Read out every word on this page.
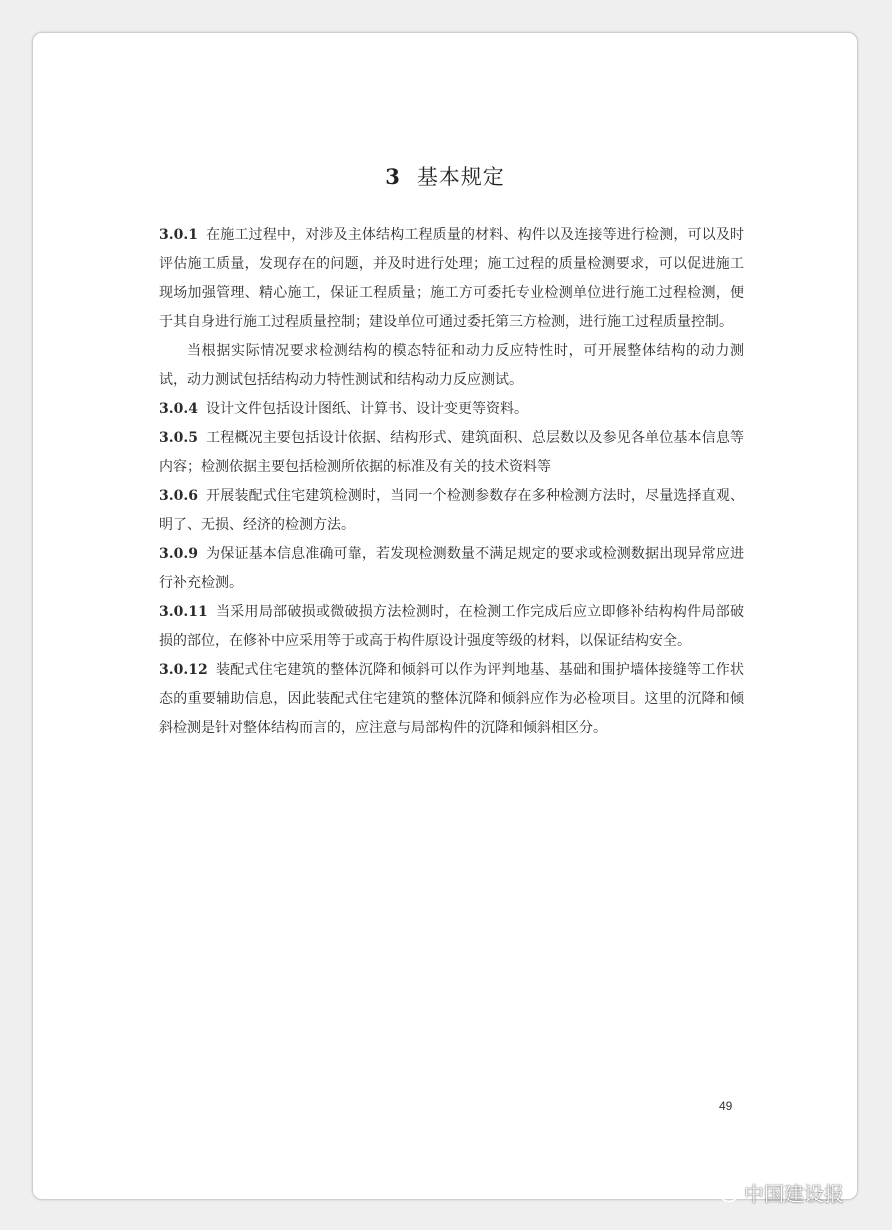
3 基本规定

3.0.1 在施工过程中，对涉及主体结构工程质量的材料、构件以及连接等进行检测，可以及时评估施工质量，发现存在的问题，并及时进行处理；施工过程的质量检测要求，可以促进施工现场加强管理、精心施工，保证工程质量；施工方可委托专业检测单位进行施工过程检测，便于其自身进行施工过程质量控制；建设单位可通过委托第三方检测，进行施工过程质量控制。

当根据实际情况要求检测结构的模态特征和动力反应特性时，可开展整体结构的动力测试，动力测试包括结构动力特性测试和结构动力反应测试。

3.0.4 设计文件包括设计图纸、计算书、设计变更等资料。

3.0.5 工程概况主要包括设计依据、结构形式、建筑面积、总层数以及参见各单位基本信息等内容；检测依据主要包括检测所依据的标准及有关的技术资料等

3.0.6 开展装配式住宅建筑检测时，当同一个检测参数存在多种检测方法时，尽量选择直观、明了、无损、经济的检测方法。

3.0.9 为保证基本信息准确可靠，若发现检测数量不满足规定的要求或检测数据出现异常应进行补充检测。

3.0.11 当采用局部破损或微破损方法检测时，在检测工作完成后应立即修补结构构件局部破损的部位，在修补中应采用等于或高于构件原设计强度等级的材料，以保证结构安全。

3.0.12 装配式住宅建筑的整体沉降和倾斜可以作为评判地基、基础和围护墙体接缝等工作状态的重要辅助信息，因此装配式住宅建筑的整体沉降和倾斜应作为必检项目。这里的沉降和倾斜检测是针对整体结构而言的，应注意与局部构件的沉降和倾斜相区分。

49
中国建设报
